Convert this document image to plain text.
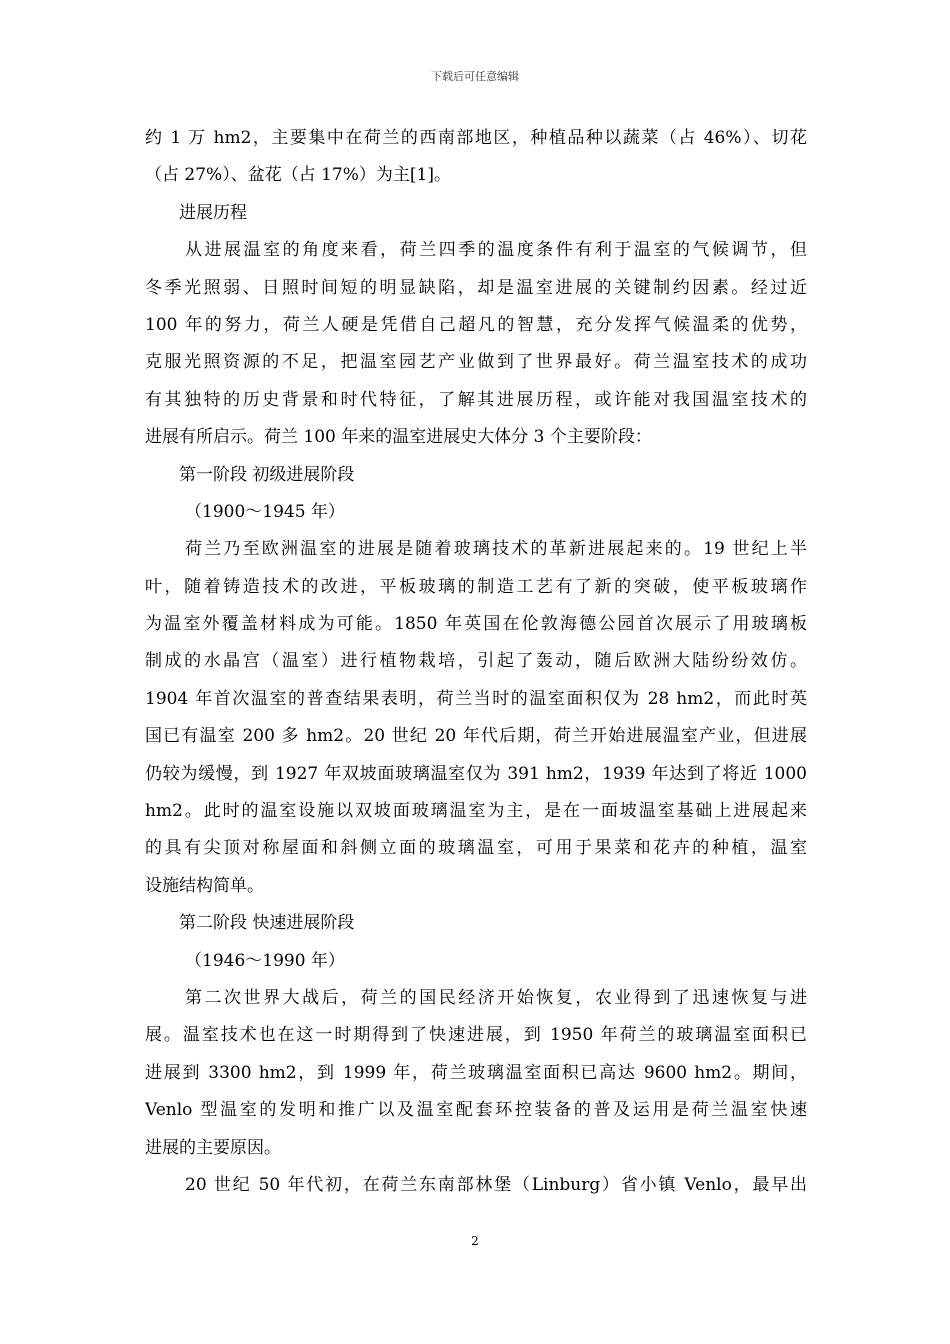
下载后可任意编辑
约 1 万 hm2，主要集中在荷兰的西南部地区，种植品种以蔬菜（占 46%）、切花
（占 27%）、盆花（占 17%）为主[1]。
进展历程
从进展温室的角度来看，荷兰四季的温度条件有利于温室的气候调节，但
冬季光照弱、日照时间短的明显缺陷，却是温室进展的关键制约因素。经过近
100 年的努力，荷兰人硬是凭借自己超凡的智慧，充分发挥气候温柔的优势，
克服光照资源的不足，把温室园艺产业做到了世界最好。荷兰温室技术的成功
有其独特的历史背景和时代特征，了解其进展历程，或许能对我国温室技术的
进展有所启示。荷兰 100 年来的温室进展史大体分 3 个主要阶段：
第一阶段 初级进展阶段
（1900～1945 年）
荷兰乃至欧洲温室的进展是随着玻璃技术的革新进展起来的。19 世纪上半
叶，随着铸造技术的改进，平板玻璃的制造工艺有了新的突破，使平板玻璃作
为温室外覆盖材料成为可能。1850 年英国在伦敦海德公园首次展示了用玻璃板
制成的水晶宫（温室）进行植物栽培，引起了轰动，随后欧洲大陆纷纷效仿。
1904 年首次温室的普查结果表明，荷兰当时的温室面积仅为 28 hm2，而此时英
国已有温室 200 多 hm2。20 世纪 20 年代后期，荷兰开始进展温室产业，但进展
仍较为缓慢，到 1927 年双坡面玻璃温室仅为 391 hm2，1939 年达到了将近 1000
hm2。此时的温室设施以双坡面玻璃温室为主，是在一面坡温室基础上进展起来
的具有尖顶对称屋面和斜侧立面的玻璃温室，可用于果菜和花卉的种植，温室
设施结构简单。
第二阶段 快速进展阶段
（1946～1990 年）
第二次世界大战后，荷兰的国民经济开始恢复，农业得到了迅速恢复与进
展。温室技术也在这一时期得到了快速进展，到 1950 年荷兰的玻璃温室面积已
进展到 3300 hm2，到 1999 年，荷兰玻璃温室面积已高达 9600 hm2。期间，
Venlo 型温室的发明和推广以及温室配套环控装备的普及运用是荷兰温室快速
进展的主要原因。
20 世纪 50 年代初，在荷兰东南部林堡（Linburg）省小镇 Venlo，最早出
2
